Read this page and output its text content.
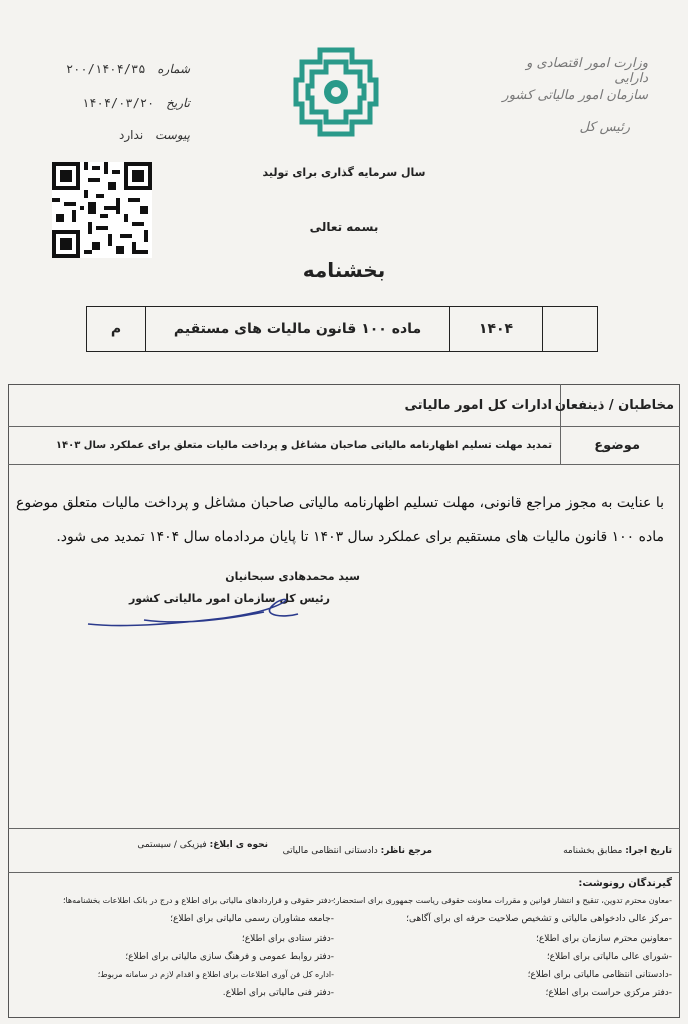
شماره ۲۰۰/۱۴۰۴/۳۵
تاریخ ۱۴۰۴/۰۳/۲۰
پیوست ندارد
وزارت امور اقتصادی و دارایی
سازمان امور مالیاتی کشور
رئیس کل
سال سرمایه گذاری برای تولید
بسمه تعالی
بخشنامه
م	ماده ۱۰۰ قانون مالیات های مستقیم	۱۴۰۴	
مخاطبان / ذینفعان
ادارات کل امور مالیاتی
موضوع
تمدید مهلت تسلیم اظهارنامه مالیاتی صاحبان مشاغل و پرداخت مالیات متعلق برای عملکرد سال ۱۴۰۳
با عنایت به مجوز مراجع قانونی، مهلت تسلیم اظهارنامه مالیاتی صاحبان مشاغل و پرداخت مالیات متعلق موضوع ماده ۱۰۰ قانون مالیات های مستقیم برای عملکرد سال ۱۴۰۳ تا پایان مردادماه سال ۱۴۰۴ تمدید می شود.
سید محمدهادی سبحانیان
رئیس کل سازمان امور مالیاتی کشور
تاریخ اجرا: مطابق بخشنامه
مرجع ناظر: دادستانی انتظامی مالیاتی
نحوه ی ابلاغ: فیزیکی / سیستمی
گیرندگان رونوشت:
-معاون محترم تدوین، تنقیح و انتشار قوانین و مقررات معاونت حقوقی ریاست جمهوری برای استحضار؛
-مرکز عالی دادخواهی مالیاتی و تشخیص صلاحیت حرفه ای برای آگاهی؛
-معاونین محترم سازمان برای اطلاع؛
-شورای عالی مالیاتی برای اطلاع؛
-دادستانی انتظامی مالیاتی برای اطلاع؛
-دفتر مرکزی حراست برای اطلاع؛
-دفتر حقوقی و قراردادهای مالیاتی برای اطلاع و درج در بانک اطلاعات بخشنامه‌ها؛
-جامعه مشاوران رسمی مالیاتی برای اطلاع؛
-دفتر ستادی برای اطلاع؛
-دفتر روابط عمومی و فرهنگ سازی مالیاتی برای اطلاع؛
-اداره کل فن آوری اطلاعات برای اطلاع و اقدام لازم در سامانه مربوط؛
-دفتر فنی مالیاتی برای اطلاع.
